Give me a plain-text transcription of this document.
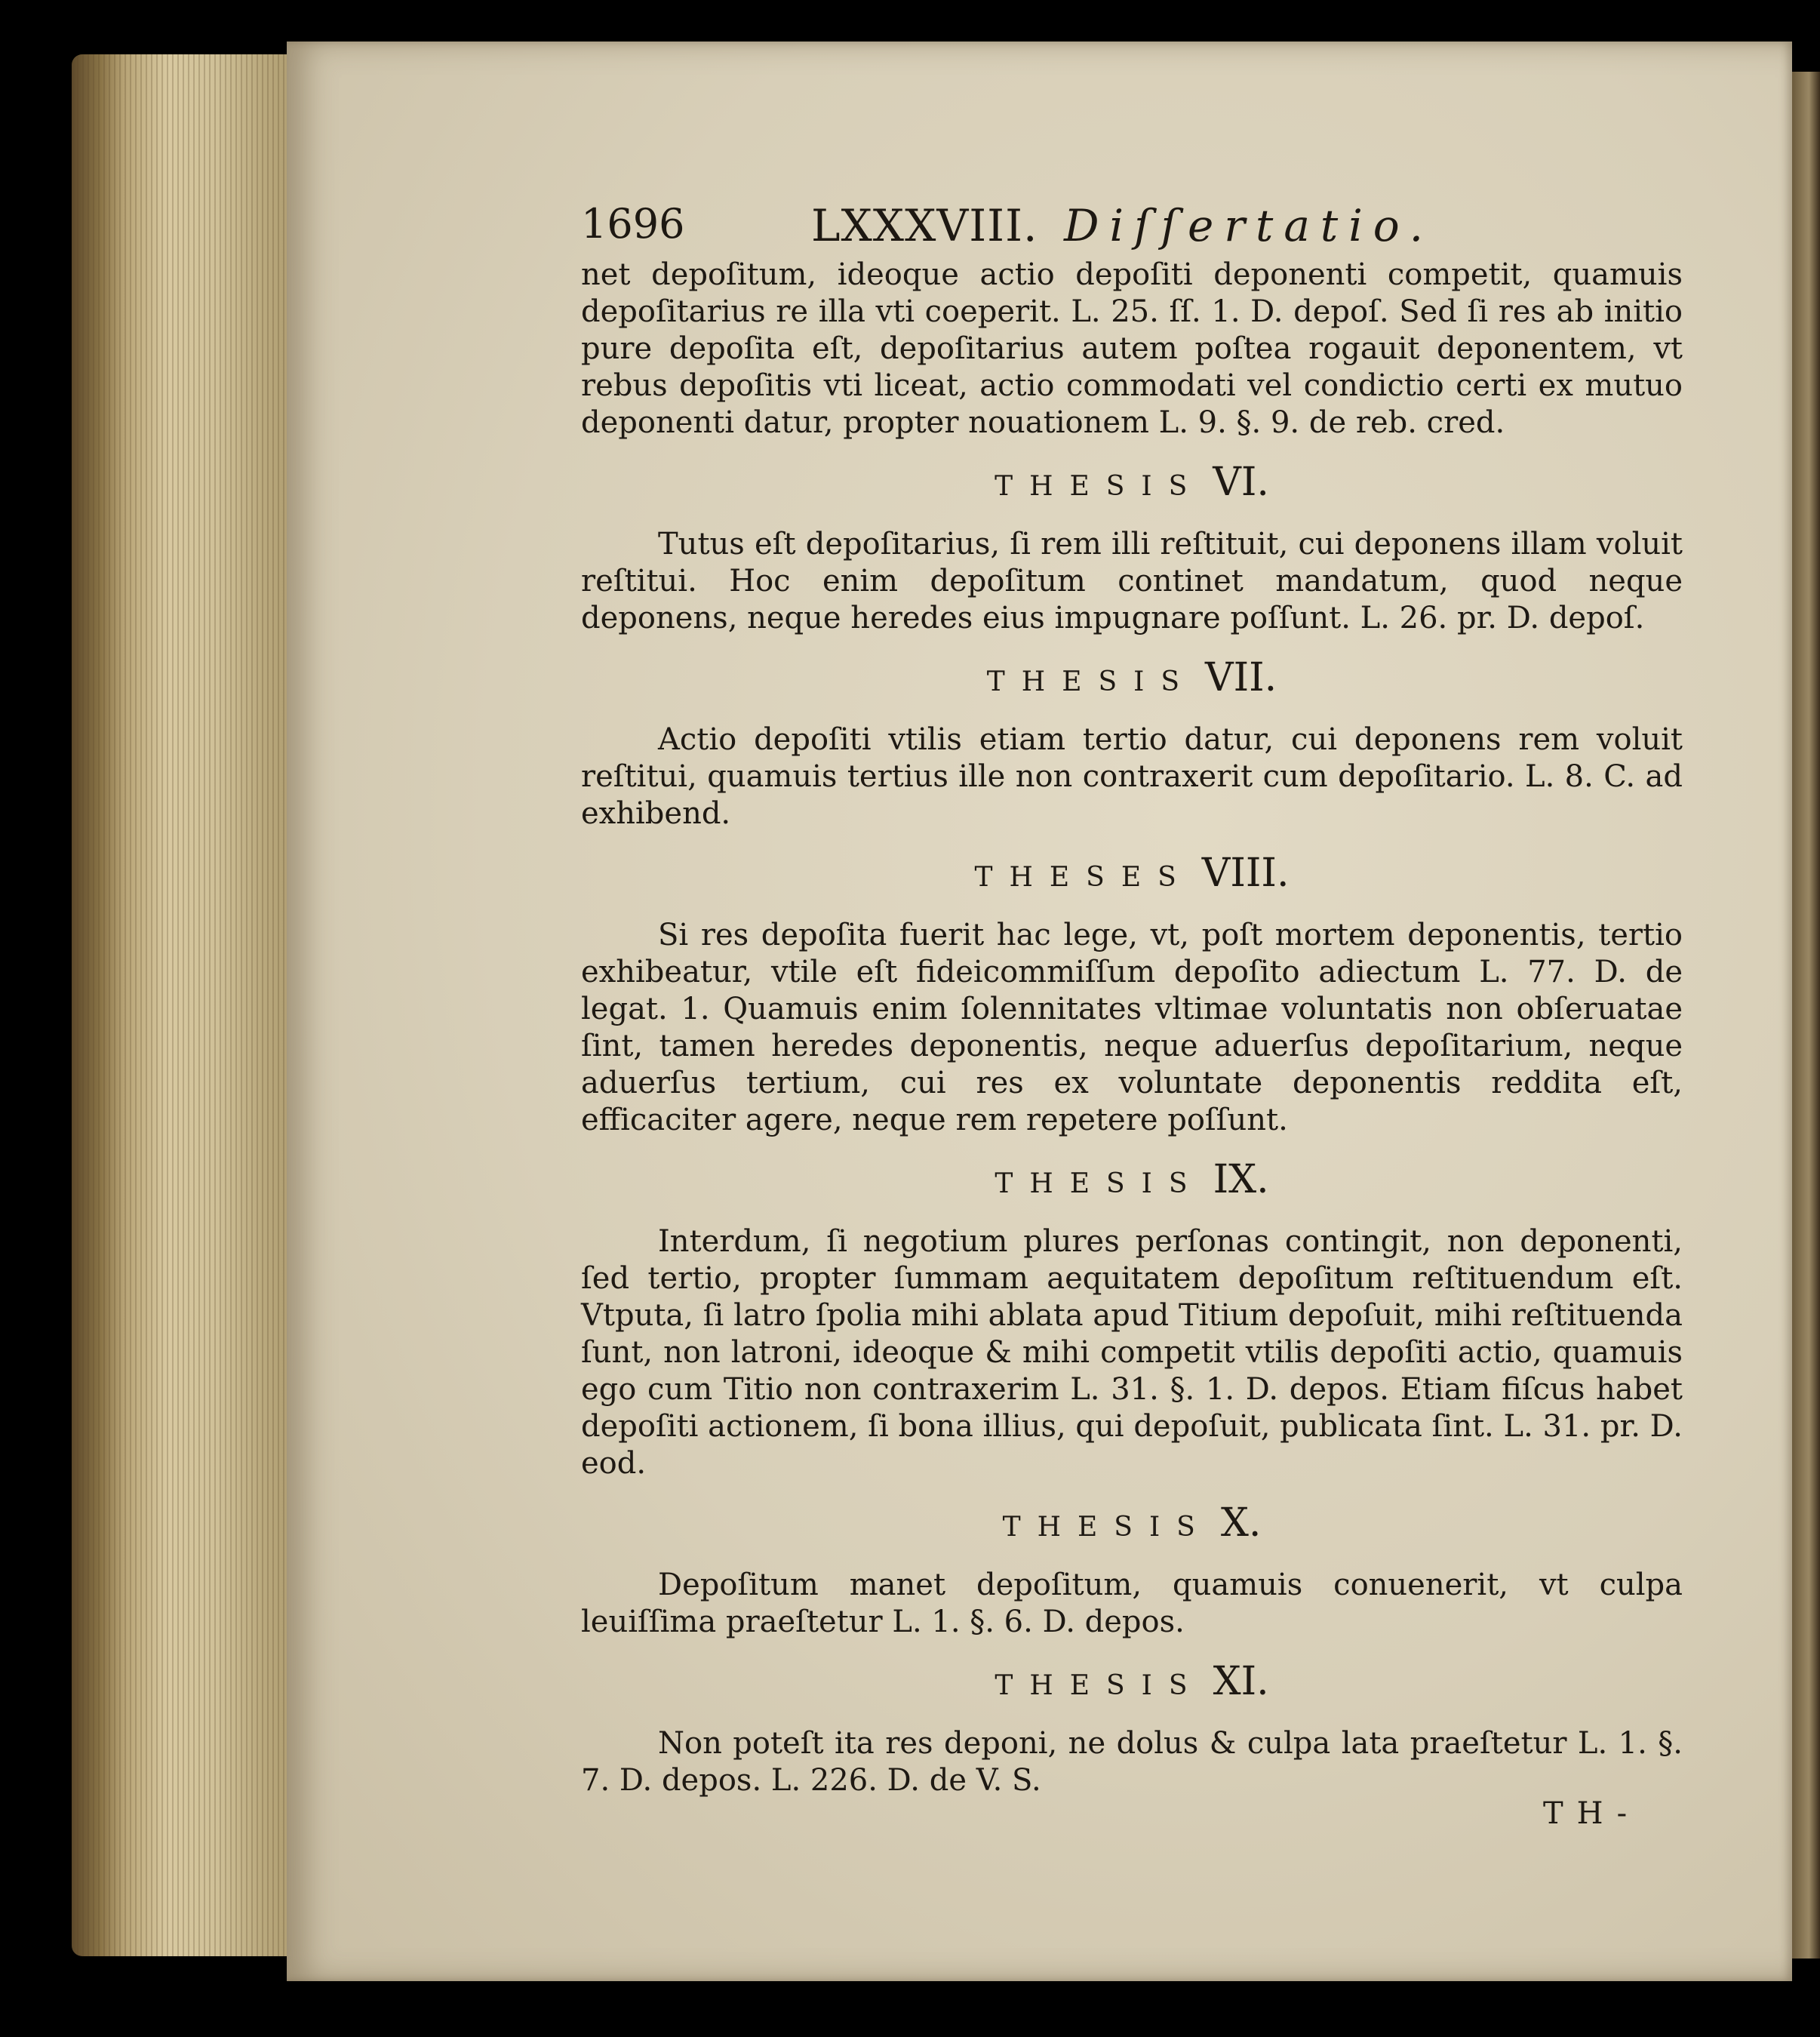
1696	LXXXVIII. Diſſertatio.

net depoſitum, ideoque actio depoſiti deponenti competit, quamuis depoſitarius re illa vti coeperit. L. 25. ſſ. 1. D. depoſ. Sed ſi res ab initio pure depoſita eſt, depoſitarius autem poſtea rogauit deponentem, vt rebus depoſitis vti liceat, actio commodati vel condictio certi ex mutuo deponenti datur, propter nouationem L. 9. §. 9. de reb. cred.

THESIS VI.

Tutus eſt depoſitarius, ſi rem illi reſtituit, cui deponens illam voluit reſtitui. Hoc enim depoſitum continet mandatum, quod neque deponens, neque heredes eius impugnare poſſunt. L. 26. pr. D. depoſ.

THESIS VII.

Actio depoſiti vtilis etiam tertio datur, cui deponens rem voluit reſtitui, quamuis tertius ille non contraxerit cum depoſitario. L. 8. C. ad exhibend.

THESES VIII.

Si res depoſita fuerit hac lege, vt, poſt mortem deponentis, tertio exhibeatur, vtile eſt fideicommiſſum depoſito adiectum L. 77. D. de legat. 1. Quamuis enim ſolennitates vltimae voluntatis non obſeruatae ſint, tamen heredes deponentis, neque aduerſus depoſitarium, neque aduerſus tertium, cui res ex voluntate deponentis reddita eſt, efficaciter agere, neque rem repetere poſſunt.

THESIS IX.

Interdum, ſi negotium plures perſonas contingit, non deponenti, ſed tertio, propter ſummam aequitatem depoſitum reſtituendum eſt. Vtputa, ſi latro ſpolia mihi ablata apud Titium depoſuit, mihi reſtituenda ſunt, non latroni, ideoque & mihi competit vtilis depoſiti actio, quamuis ego cum Titio non contraxerim L. 31. §. 1. D. depos. Etiam fiſcus habet depoſiti actionem, ſi bona illius, qui depoſuit, publicata ſint. L. 31. pr. D. eod.

THESIS X.

Depoſitum manet depoſitum, quamuis conuenerit, vt culpa leuiſſima praeſtetur L. 1. §. 6. D. depos.

THESIS XI.

Non poteſt ita res deponi, ne dolus & culpa lata praeſtetur L. 1. §. 7. D. depos. L. 226. D. de V. S.

TH-
